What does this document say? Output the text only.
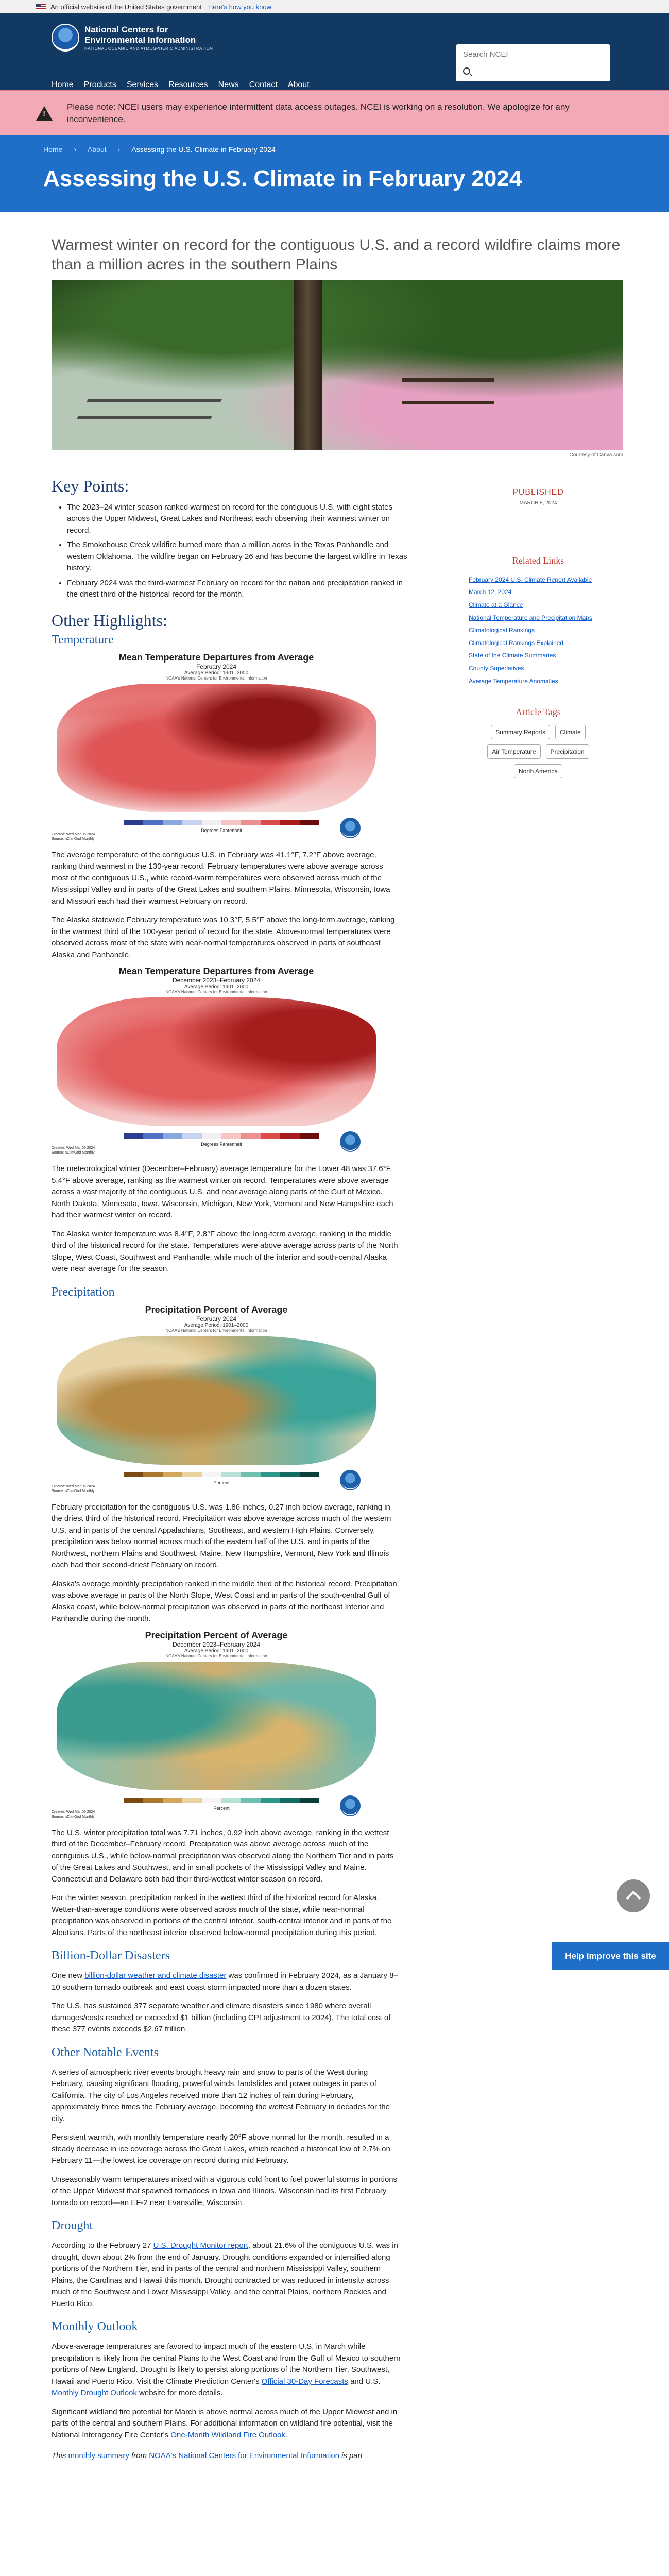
An official website of the United States government Here's how you know
National Centers for
Environmental Information
NATIONAL OCEANIC AND ATMOSPHERIC ADMINISTRATION
Search NCEI
Home Products Services Resources News Contact About
!
Please note: NCEI users may experience intermittent data access outages. NCEI is working on a resolution. We apologize for any inconvenience.
Home › About › Assessing the U.S. Climate in February 2024
Assessing the U.S. Climate in February 2024
Warmest winter on record for the contiguous U.S. and a record wildfire claims more than a million acres in the southern Plains
Courtesy of Canva.com
Key Points:
• The 2023–24 winter season ranked warmest on record for the contiguous U.S. with eight states across the Upper Midwest, Great Lakes and Northeast each observing their warmest winter on record.
• The Smokehouse Creek wildfire burned more than a million acres in the Texas Panhandle and western Oklahoma. The wildfire began on February 26 and has become the largest wildfire in Texas history.
• February 2024 was the third-warmest February on record for the nation and precipitation ranked in the driest third of the historical record for the month.
Other Highlights:
Temperature
Mean Temperature Departures from Average
February 2024
Average Period: 1901–2000
NOAA's National Centers for Environmental Information
Degrees Fahrenheit
Created: Wed Mar 06 2024
Source: nClimGrid Monthly

The average temperature of the contiguous U.S. in February was 41.1°F, 7.2°F above average, ranking third warmest in the 130-year record. February temperatures were above average across most of the contiguous U.S., while record-warm temperatures were observed across much of the Mississippi Valley and in parts of the Great Lakes and southern Plains. Minnesota, Wisconsin, Iowa and Missouri each had their warmest February on record.

The Alaska statewide February temperature was 10.3°F, 5.5°F above the long-term average, ranking in the warmest third of the 100-year period of record for the state. Above-normal temperatures were observed across most of the state with near-normal temperatures observed in parts of southeast Alaska and Panhandle.

Mean Temperature Departures from Average
December 2023–February 2024
Average Period: 1901–2000
NOAA's National Centers for Environmental Information
Degrees Fahrenheit
Created: Wed Mar 06 2024
Source: nClimGrid Monthly

The meteorological winter (December–February) average temperature for the Lower 48 was 37.6°F, 5.4°F above average, ranking as the warmest winter on record. Temperatures were above average across a vast majority of the contiguous U.S. and near average along parts of the Gulf of Mexico. North Dakota, Minnesota, Iowa, Wisconsin, Michigan, New York, Vermont and New Hampshire each had their warmest winter on record.

The Alaska winter temperature was 8.4°F, 2.8°F above the long-term average, ranking in the middle third of the historical record for the state. Temperatures were above average across parts of the North Slope, West Coast, Southwest and Panhandle, while much of the interior and south-central Alaska were near average for the season.

Precipitation
Precipitation Percent of Average
February 2024
Average Period: 1901–2000
NOAA's National Centers for Environmental Information
Percent
Created: Wed Mar 06 2024
Source: nClimGrid Monthly

February precipitation for the contiguous U.S. was 1.86 inches, 0.27 inch below average, ranking in the driest third of the historical record. Precipitation was above average across much of the western U.S. and in parts of the central Appalachians, Southeast, and western High Plains. Conversely, precipitation was below normal across much of the eastern half of the U.S. and in parts of the Northwest, northern Plains and Southwest. Maine, New Hampshire, Vermont, New York and Illinois each had their second-driest February on record.

Alaska's average monthly precipitation ranked in the middle third of the historical record. Precipitation was above average in parts of the North Slope, West Coast and in parts of the south-central Gulf of Alaska coast, while below-normal precipitation was observed in parts of the northeast Interior and Panhandle during the month.

Precipitation Percent of Average
December 2023–February 2024
Average Period: 1901–2000
NOAA's National Centers for Environmental Information
Percent
Created: Wed Mar 06 2024
Source: nClimGrid Monthly

The U.S. winter precipitation total was 7.71 inches, 0.92 inch above average, ranking in the wettest third of the December–February record. Precipitation was above average across much of the contiguous U.S., while below-normal precipitation was observed along the Northern Tier and in parts of the Great Lakes and Southwest, and in small pockets of the Mississippi Valley and Maine. Connecticut and Delaware both had their third-wettest winter season on record.

For the winter season, precipitation ranked in the wettest third of the historical record for Alaska. Wetter-than-average conditions were observed across much of the state, while near-normal precipitation was observed in portions of the central interior, south-central interior and in parts of the Aleutians. Parts of the northeast interior observed below-normal precipitation during this period.

Billion-Dollar Disasters

One new billion-dollar weather and climate disaster was confirmed in February 2024, as a January 8–10 southern tornado outbreak and east coast storm impacted more than a dozen states.

The U.S. has sustained 377 separate weather and climate disasters since 1980 where overall damages/costs reached or exceeded $1 billion (including CPI adjustment to 2024). The total cost of these 377 events exceeds $2.67 trillion.

Other Notable Events

A series of atmospheric river events brought heavy rain and snow to parts of the West during February, causing significant flooding, powerful winds, landslides and power outages in parts of California. The city of Los Angeles received more than 12 inches of rain during February, approximately three times the February average, becoming the wettest February in decades for the city.

Persistent warmth, with monthly temperature nearly 20°F above normal for the month, resulted in a steady decrease in ice coverage across the Great Lakes, which reached a historical low of 2.7% on February 11—the lowest ice coverage on record during mid February.

Unseasonably warm temperatures mixed with a vigorous cold front to fuel powerful storms in portions of the Upper Midwest that spawned tornadoes in Iowa and Illinois. Wisconsin had its first February tornado on record—an EF-2 near Evansville, Wisconsin.

Drought

According to the February 27 U.S. Drought Monitor report, about 21.6% of the contiguous U.S. was in drought, down about 2% from the end of January. Drought conditions expanded or intensified along portions of the Northern Tier, and in parts of the central and northern Mississippi Valley, southern Plains, the Carolinas and Hawaii this month. Drought contracted or was reduced in intensity across much of the Southwest and Lower Mississippi Valley, and the central Plains, northern Rockies and Puerto Rico.

Monthly Outlook

Above-average temperatures are favored to impact much of the eastern U.S. in March while precipitation is likely from the central Plains to the West Coast and from the Gulf of Mexico to southern portions of New England. Drought is likely to persist along portions of the Northern Tier, Southwest, Hawaii and Puerto Rico. Visit the Climate Prediction Center's Official 30-Day Forecasts and U.S. Monthly Drought Outlook website for more details.

Significant wildland fire potential for March is above normal across much of the Upper Midwest and in parts of the central and southern Plains. For additional information on wildland fire potential, visit the National Interagency Fire Center's One-Month Wildland Fire Outlook.

This monthly summary from NOAA's National Centers for Environmental Information is part

PUBLISHED
MARCH 8, 2024
Related Links
February 2024 U.S. Climate Report Available
March 12, 2024
Climate at a Glance
National Temperature and Precipitation Maps
Climatological Rankings
Climatological Rankings Explained
State of the Climate Summaries
County Superlatives
Average Temperature Anomalies
Article Tags
Summary Reports	Climate
Air Temperature	Precipitation
North America
Help improve this site
